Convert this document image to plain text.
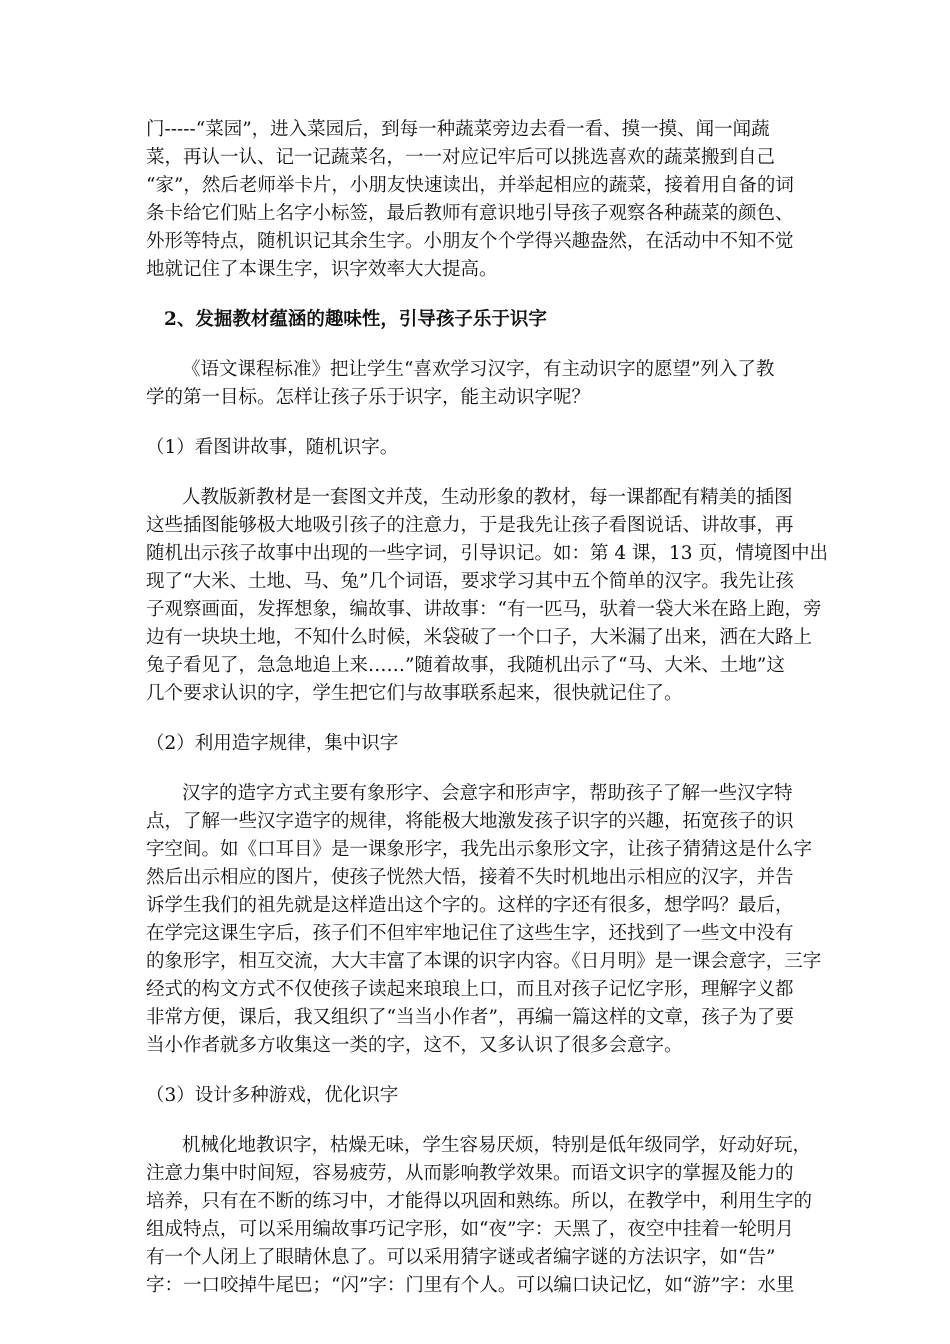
门-----“菜园”，进入菜园后，到每一种蔬菜旁边去看一看、摸一摸、闻一闻蔬
菜，再认一认、记一记蔬菜名，一一对应记牢后可以挑选喜欢的蔬菜搬到自己
“家”，然后老师举卡片，小朋友快速读出，并举起相应的蔬菜，接着用自备的词
条卡给它们贴上名字小标签，最后教师有意识地引导孩子观察各种蔬菜的颜色、
外形等特点，随机识记其余生字。小朋友个个学得兴趣盎然，在活动中不知不觉
地就记住了本课生字，识字效率大大提高。
2、发掘教材蕴涵的趣味性，引导孩子乐于识字
《语文课程标准》把让学生“喜欢学习汉字，有主动识字的愿望”列入了教
学的第一目标。怎样让孩子乐于识字，能主动识字呢？
（1）看图讲故事，随机识字。
人教版新教材是一套图文并茂，生动形象的教材，每一课都配有精美的插图
这些插图能够极大地吸引孩子的注意力，于是我先让孩子看图说话、讲故事，再
随机出示孩子故事中出现的一些字词，引导识记。如：第 4 课，13 页，情境图中出
现了“大米、土地、马、兔”几个词语，要求学习其中五个简单的汉字。我先让孩
子观察画面，发挥想象，编故事、讲故事：“有一匹马，驮着一袋大米在路上跑，旁
边有一块块土地，不知什么时候，米袋破了一个口子，大米漏了出来，洒在大路上
兔子看见了，急急地追上来……”随着故事，我随机出示了“马、大米、土地”这
几个要求认识的字，学生把它们与故事联系起来，很快就记住了。
（2）利用造字规律，集中识字
汉字的造字方式主要有象形字、会意字和形声字，帮助孩子了解一些汉字特
点，了解一些汉字造字的规律，将能极大地激发孩子识字的兴趣，拓宽孩子的识
字空间。如《口耳目》是一课象形字，我先出示象形文字，让孩子猜猜这是什么字
然后出示相应的图片，使孩子恍然大悟，接着不失时机地出示相应的汉字，并告
诉学生我们的祖先就是这样造出这个字的。这样的字还有很多，想学吗？最后，
在学完这课生字后，孩子们不但牢牢地记住了这些生字，还找到了一些文中没有
的象形字，相互交流，大大丰富了本课的识字内容。《日月明》是一课会意字，三字
经式的构文方式不仅使孩子读起来琅琅上口，而且对孩子记忆字形，理解字义都
非常方便，课后，我又组织了“当当小作者”，再编一篇这样的文章，孩子为了要
当小作者就多方收集这一类的字，这不，又多认识了很多会意字。
（3）设计多种游戏，优化识字
机械化地教识字，枯燥无味，学生容易厌烦，特别是低年级同学，好动好玩，
注意力集中时间短，容易疲劳，从而影响教学效果。而语文识字的掌握及能力的
培养，只有在不断的练习中，才能得以巩固和熟练。所以，在教学中，利用生字的
组成特点，可以采用编故事巧记字形，如“夜”字：天黑了，夜空中挂着一轮明月
有一个人闭上了眼睛休息了。可以采用猜字谜或者编字谜的方法识字，如“告”
字：一口咬掉牛尾巴；“闪”字：门里有个人。可以编口诀记忆，如“游”字：水里
